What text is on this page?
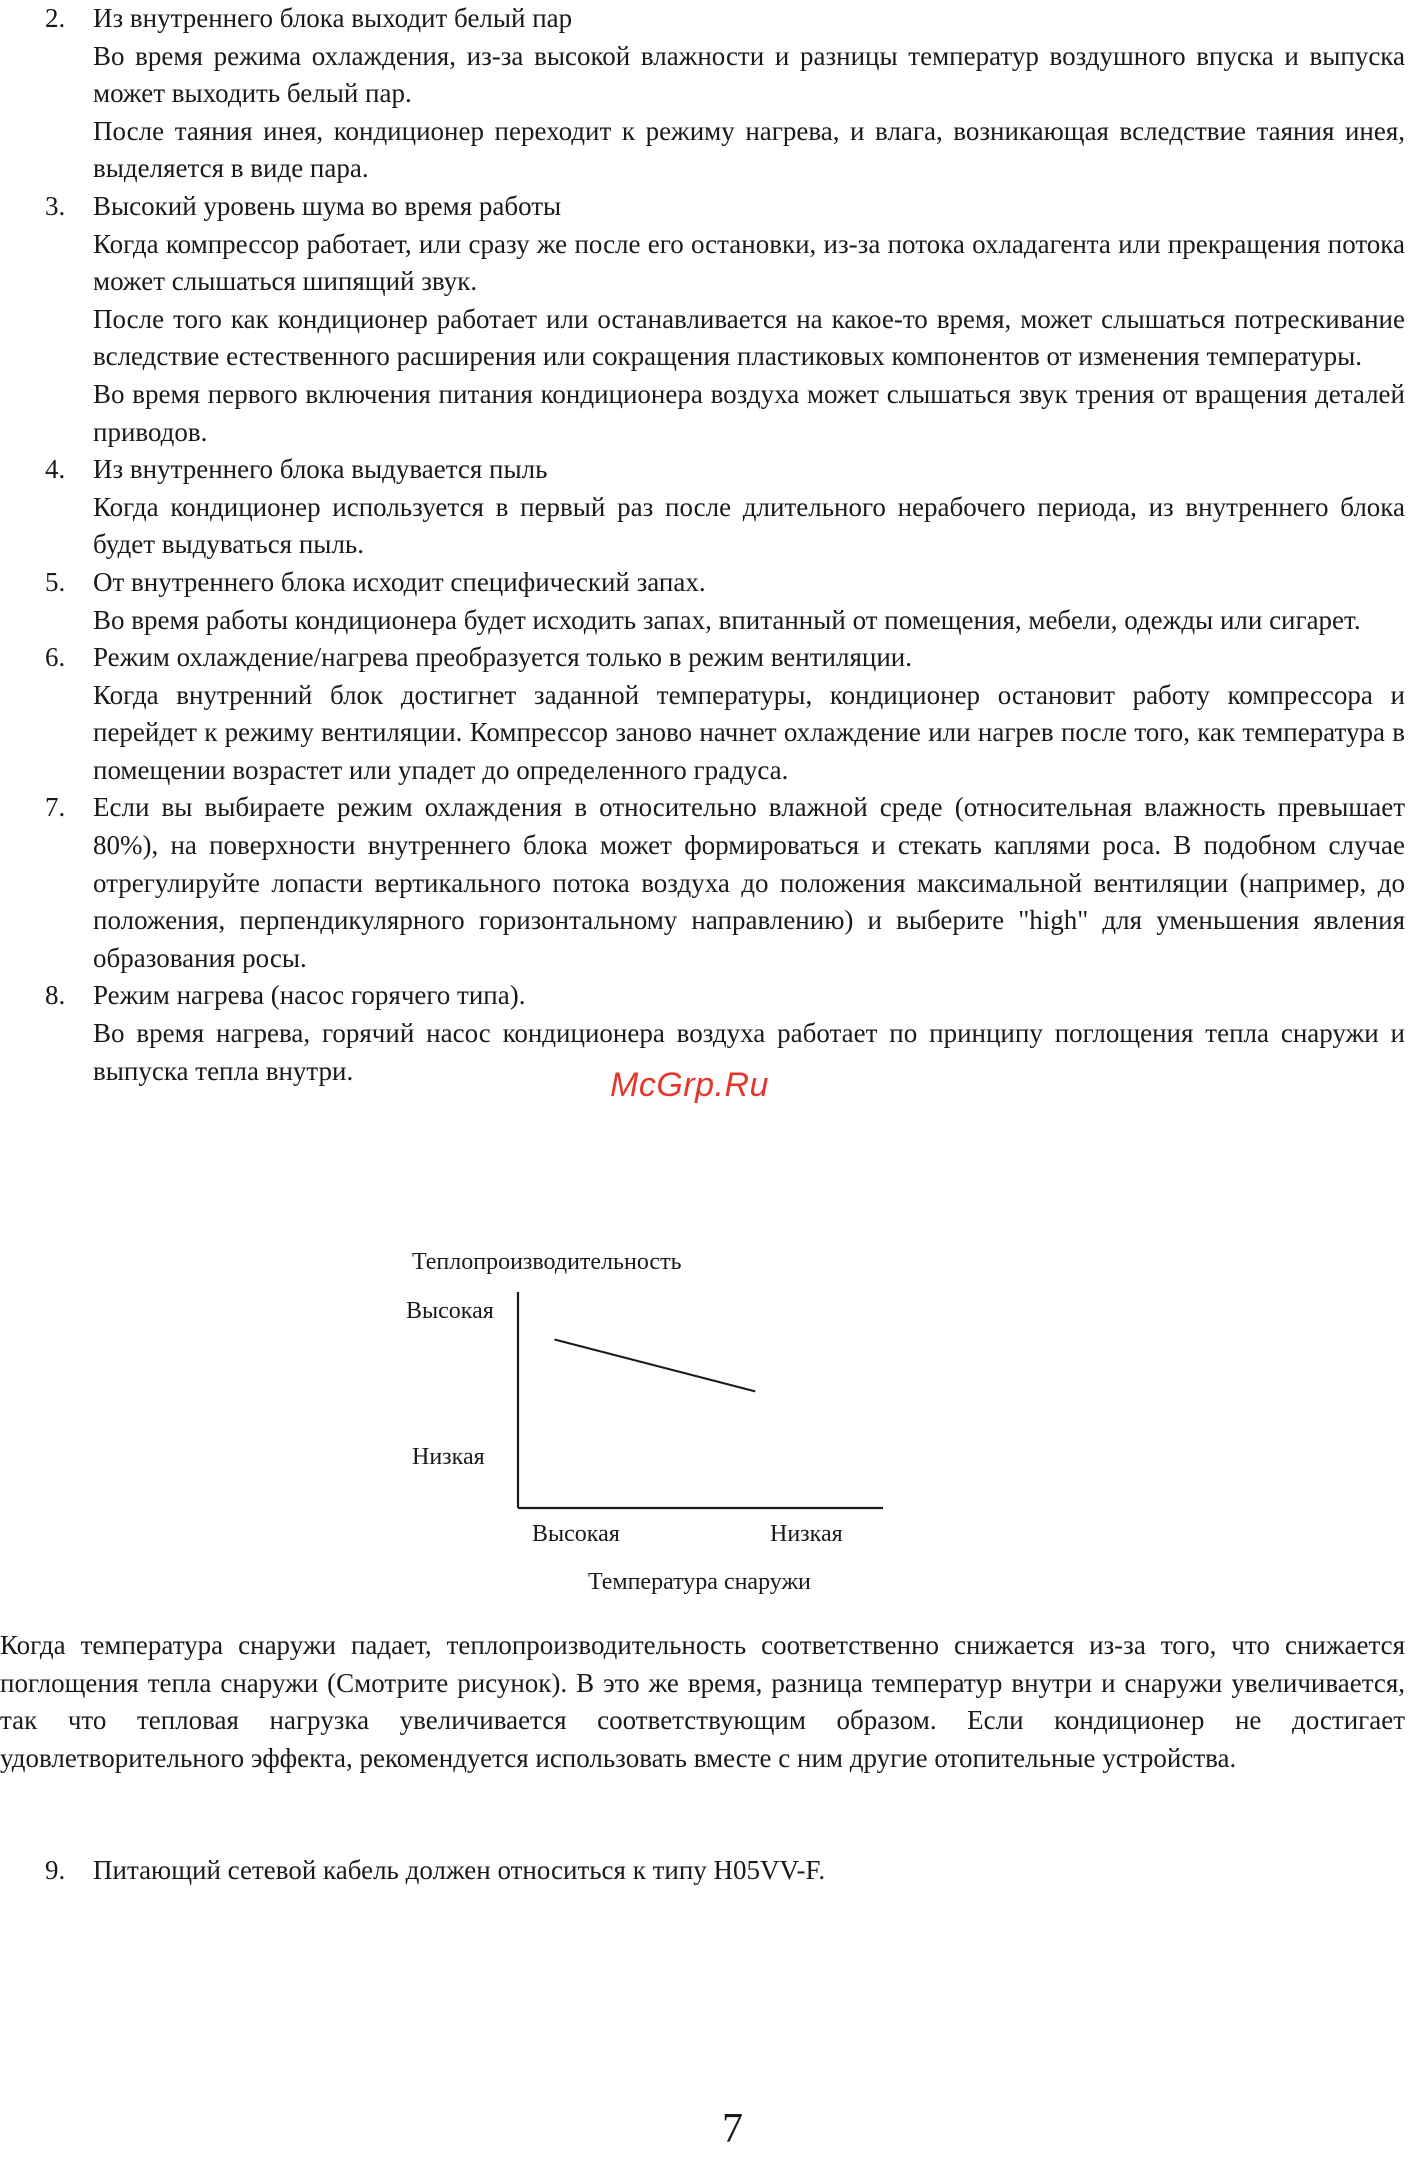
2. Из внутреннего блока выходит белый пар
Во время режима охлаждения, из-за высокой влажности и разницы температур воздушного впуска и выпуска может выходить белый пар.
После таяния инея, кондиционер переходит к режиму нагрева, и влага, возникающая вследствие таяния инея, выделяется в виде пара.
3. Высокий уровень шума во время работы
Когда компрессор работает, или сразу же после его остановки, из-за потока охладагента или прекращения потока может слышаться шипящий звук.
После того как кондиционер работает или останавливается на какое-то время, может слышаться потрескивание вследствие естественного расширения или сокращения пластиковых компонентов от изменения температуры.
Во время первого включения питания кондиционера воздуха может слышаться звук трения от вращения деталей приводов.
4. Из внутреннего блока выдувается пыль
Когда кондиционер используется в первый раз после длительного нерабочего периода, из внутреннего блока будет выдуваться пыль.
5. От внутреннего блока исходит специфический запах.
Во время работы кондиционера будет исходить запах, впитанный от помещения, мебели, одежды или сигарет.
6. Режим охлаждение/нагрева преобразуется только в режим вентиляции.
Когда внутренний блок достигнет заданной температуры, кондиционер остановит работу компрессора и перейдет к режиму вентиляции. Компрессор заново начнет охлаждение или нагрев после того, как температура в помещении возрастет или упадет до определенного градуса.
7. Если вы выбираете режим охлаждения в относительно влажной среде (относительная влажность превышает 80%), на поверхности внутреннего блока может формироваться и стекать каплями роса. В подобном случае отрегулируйте лопасти вертикального потока воздуха до положения максимальной вентиляции (например, до положения, перпендикулярного горизонтальному направлению) и выберите "high" для уменьшения явления образования росы.
8. Режим нагрева (насос горячего типа).
Во время нагрева, горячий насос кондиционера воздуха работает по принципу поглощения тепла снаружи и выпуска тепла внутри.	McGrp.Ru
Теплопроизводительность
Высокая
Низкая
Высокая	Низкая
Температура снаружи
Когда температура снаружи падает, теплопроизводительность соответственно снижается из-за того, что снижается поглощения тепла снаружи (Смотрите рисунок). В это же время, разница температур внутри и снаружи увеличивается, так что тепловая нагрузка увеличивается соответствующим образом. Если кондиционер не достигает удовлетворительного эффекта, рекомендуется использовать вместе с ним другие отопительные устройства.
9. Питающий сетевой кабель должен относиться к типу H05VV-F.
7
